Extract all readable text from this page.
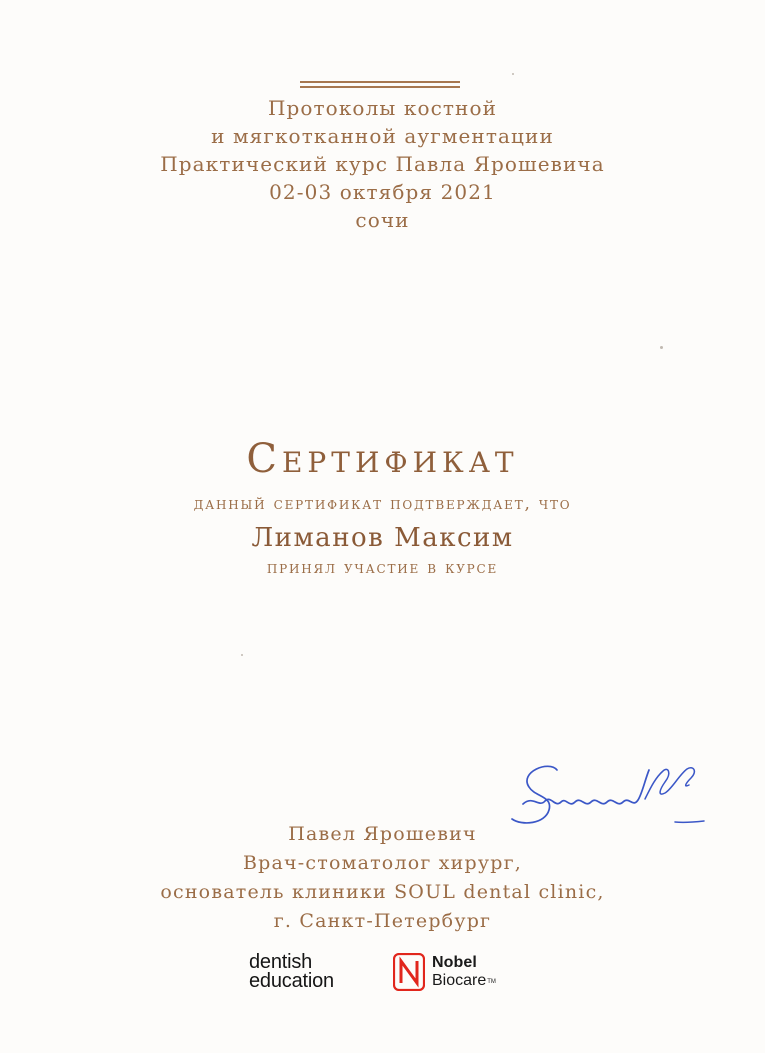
Протоколы костной
и мягкотканной аугментации
Практический курс Павла Ярошевича
02-03 октября 2021
сочи
Сертификат
данный сертификат подтверждает, что
Лиманов Максим
принял участие в курсе
Павел Ярошевич
Врач-стоматолог хирург,
основатель клиники SOUL dental clinic,
г. Санкт-Петербург
dentish
education
Nobel
Biocare™
